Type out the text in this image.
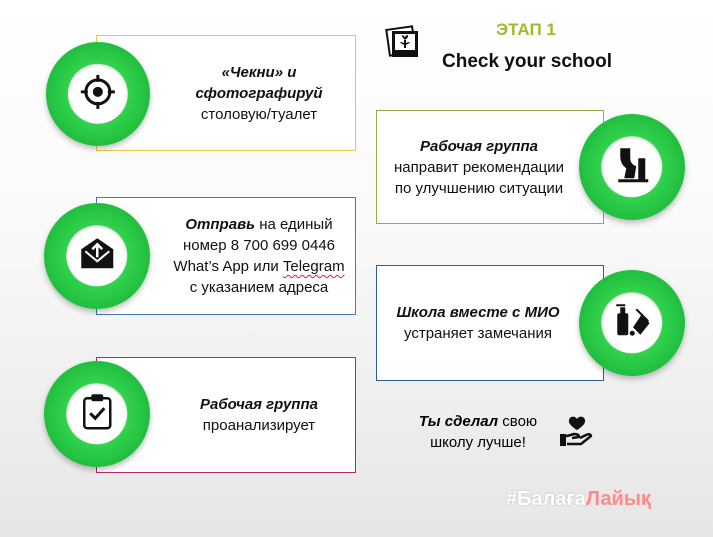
ЭТАП 1
Check your school
«Чекни» и сфотографируй
столовую/туалет
Отправь на единый номер 8 700 699 0446 What’s App или Telegram с указанием адреса
Рабочая группа
проанализирует
Рабочая группа
направит рекомендации по улучшению ситуации
Школа вместе с МИО устраняет замечания
Ты сделал свою школу лучше!
#БалағаЛайық
